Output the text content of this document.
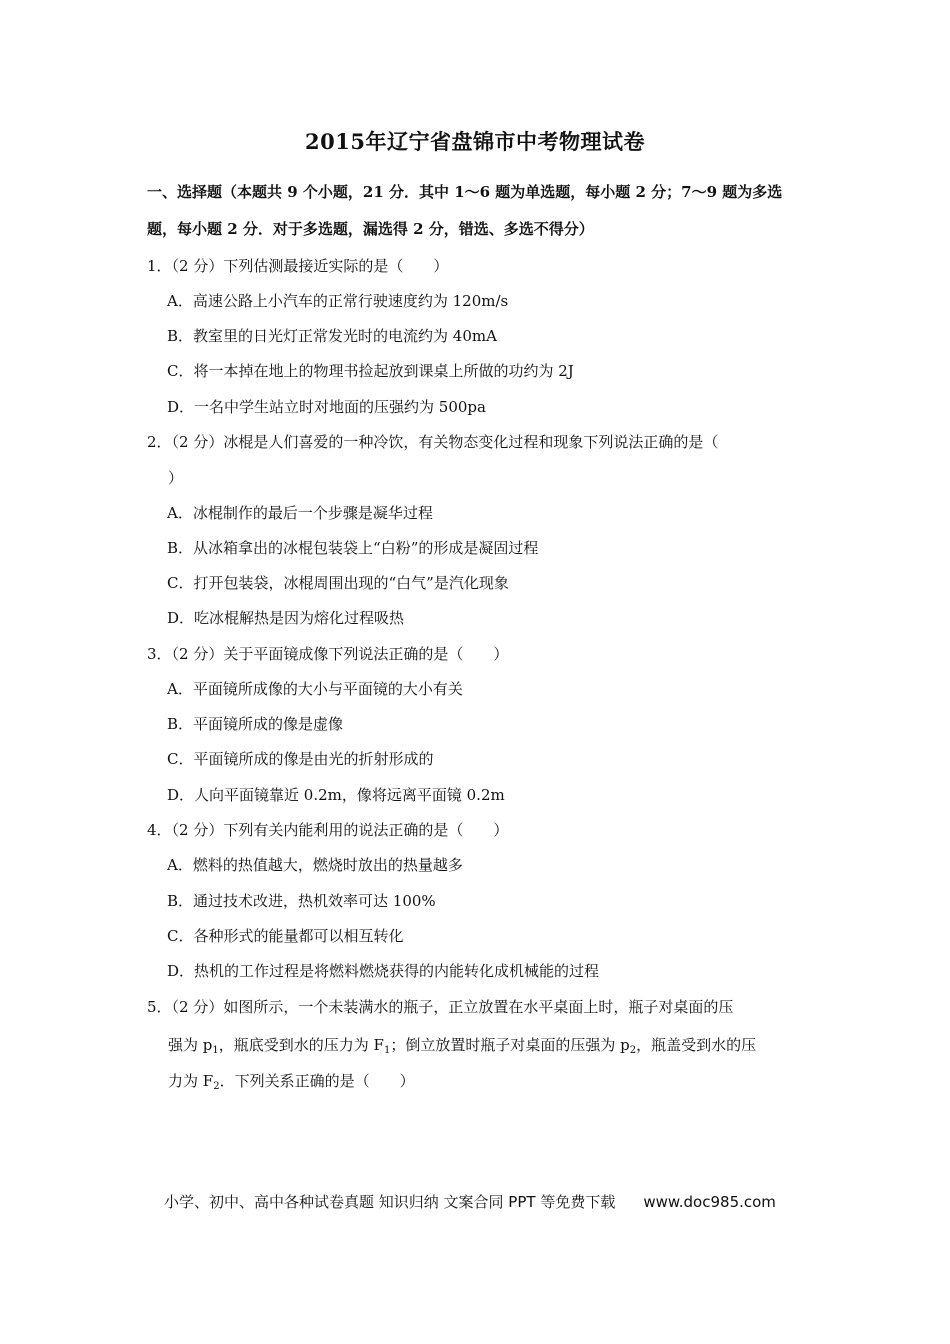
2015年辽宁省盘锦市中考物理试卷
一、选择题（本题共 9 个小题，21 分．其中 1～6 题为单选题，每小题 2 分；7～9 题为多选
题，每小题 2 分．对于多选题，漏选得 2 分，错选、多选不得分）
1．（2 分）下列估测最接近实际的是（　　）
A．高速公路上小汽车的正常行驶速度约为 120m/s
B．教室里的日光灯正常发光时的电流约为 40mA
C．将一本掉在地上的物理书捡起放到课桌上所做的功约为 2J
D．一名中学生站立时对地面的压强约为 500pa
2．（2 分）冰棍是人们喜爱的一种冷饮，有关物态变化过程和现象下列说法正确的是（
）
A．冰棍制作的最后一个步骤是凝华过程
B．从冰箱拿出的冰棍包装袋上“白粉”的形成是凝固过程
C．打开包装袋，冰棍周围出现的“白气”是汽化现象
D．吃冰棍解热是因为熔化过程吸热
3．（2 分）关于平面镜成像下列说法正确的是（　　）
A．平面镜所成像的大小与平面镜的大小有关
B．平面镜所成的像是虚像
C．平面镜所成的像是由光的折射形成的
D．人向平面镜靠近 0.2m，像将远离平面镜 0.2m
4．（2 分）下列有关内能利用的说法正确的是（　　）
A．燃料的热值越大，燃烧时放出的热量越多
B．通过技术改进，热机效率可达 100%
C．各种形式的能量都可以相互转化
D．热机的工作过程是将燃料燃烧获得的内能转化成机械能的过程
5．（2 分）如图所示，一个未装满水的瓶子，正立放置在水平桌面上时，瓶子对桌面的压
强为 $p_1$，瓶底受到水的压力为 $F_1$；倒立放置时瓶子对桌面的压强为 $p_2$，瓶盖受到水的压
力为 $F_2$．下列关系正确的是（　　）
小学、初中、高中各种试卷真题 知识归纳 文案合同 PPT 等免费下载 www.doc985.com
